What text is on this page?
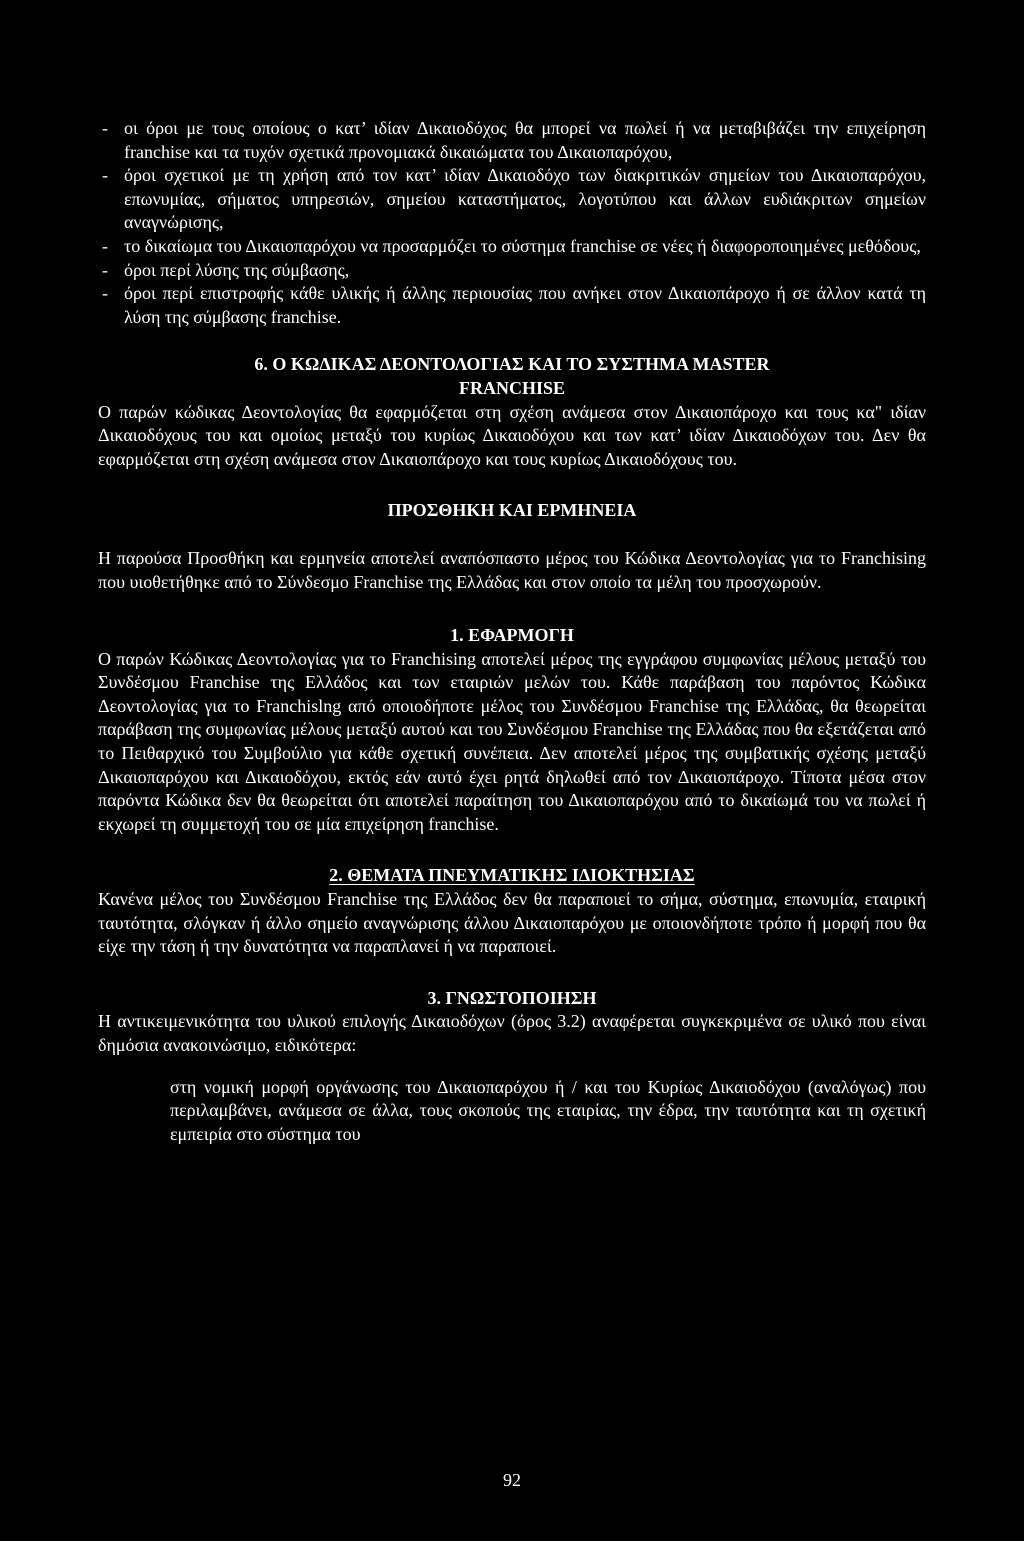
- οι όροι με τους οποίους ο κατ’ ιδίαν Δικαιοδόχος θα μπορεί να πωλεί ή να μεταβιβάζει την επιχείρηση franchise και τα τυχόν σχετικά προνομιακά δικαιώματα του Δικαιοπαρόχου,
- όροι σχετικοί με τη χρήση από τον κατ’ ιδίαν Δικαιοδόχο των διακριτικών σημείων του Δικαιοπαρόχου, επωνυμίας, σήματος υπηρεσιών, σημείου καταστήματος, λογοτύπου και άλλων ευδιάκριτων σημείων αναγνώρισης,
- το δικαίωμα του Δικαιοπαρόχου να προσαρμόζει το σύστημα franchise σε νέες ή διαφοροποιημένες μεθόδους,
- όροι περί λύσης της σύμβασης,
- όροι περί επιστροφής κάθε υλικής ή άλλης περιουσίας που ανήκει στον Δικαιοπάροχο ή σε άλλον κατά τη λύση της σύμβασης franchise.

6. Ο ΚΩΔΙΚΑΣ ΔΕΟΝΤΟΛΟΓΙΑΣ ΚΑΙ ΤΟ ΣΥΣΤΗΜΑ MASTER
FRANCHISE

Ο παρών κώδικας Δεοντολογίας θα εφαρμόζεται στη σχέση ανάμεσα στον Δικαιοπάροχο και τους κα" ιδίαν Δικαιοδόχους του και ομοίως μεταξύ του κυρίως Δικαιοδόχου και των κατ’ ιδίαν Δικαιοδόχων του. Δεν θα εφαρμόζεται στη σχέση ανάμεσα στον Δικαιοπάροχο και τους κυρίως Δικαιοδόχους του.

ΠΡΟΣΘΗΚΗ ΚΑΙ ΕΡΜΗΝΕΙΑ

Η παρούσα Προσθήκη και ερμηνεία αποτελεί αναπόσπαστο μέρος του Κώδικα Δεοντολογίας για το Franchising που υιοθετήθηκε από το Σύνδεσμο Franchise της Ελλάδας και στον οποίο τα μέλη του προσχωρούν.

1. ΕΦΑΡΜΟΓΗ

Ο παρών Κώδικας Δεοντολογίας για το Franchising αποτελεί μέρος της εγγράφου συμφωνίας μέλους μεταξύ του Συνδέσμου Franchise της Ελλάδος και των εταιριών μελών του. Κάθε παράβαση του παρόντος Κώδικα Δεοντολογίας για το Franchislng από οποιοδήποτε μέλος του Συνδέσμου Franchise της Ελλάδας, θα θεωρείται παράβαση της συμφωνίας μέλους μεταξύ αυτού και του Συνδέσμου Franchise της Ελλάδας που θα εξετάζεται από το Πειθαρχικό του Συμβούλιο για κάθε σχετική συνέπεια. Δεν αποτελεί μέρος της συμβατικής σχέσης μεταξύ Δικαιοπαρόχου και Δικαιοδόχου, εκτός εάν αυτό έχει ρητά δηλωθεί από τον Δικαιοπάροχο. Τίποτα μέσα στον παρόντα Κώδικα δεν θα θεωρείται ότι αποτελεί παραίτηση του Δικαιοπαρόχου από το δικαίωμά του να πωλεί ή εκχωρεί τη συμμετοχή του σε μία επιχείρηση franchise.

2. ΘΕΜΑΤΑ ΠΝΕΥΜΑΤΙΚΗΣ ΙΔΙΟΚΤΗΣΙΑΣ

Κανένα μέλος του Συνδέσμου Franchise της Ελλάδος δεν θα παραποιεί το σήμα, σύστημα, επωνυμία, εταιρική ταυτότητα, σλόγκαν ή άλλο σημείο αναγνώρισης άλλου Δικαιοπαρόχου με οποιονδήποτε τρόπο ή μορφή που θα είχε την τάση ή την δυνατότητα να παραπλανεί ή να παραποιεί.

3. ΓΝΩΣΤΟΠΟΙΗΣΗ

Η αντικειμενικότητα του υλικού επιλογής Δικαιοδόχων (όρος 3.2) αναφέρεται συγκεκριμένα σε υλικό που είναι δημόσια ανακοινώσιμο, ειδικότερα:

στη νομική μορφή οργάνωσης του Δικαιοπαρόχου ή / και του Κυρίως Δικαιοδόχου (αναλόγως) που περιλαμβάνει, ανάμεσα σε άλλα, τους σκοπούς της εταιρίας, την έδρα, την ταυτότητα και τη σχετική εμπειρία στο σύστημα του

92
